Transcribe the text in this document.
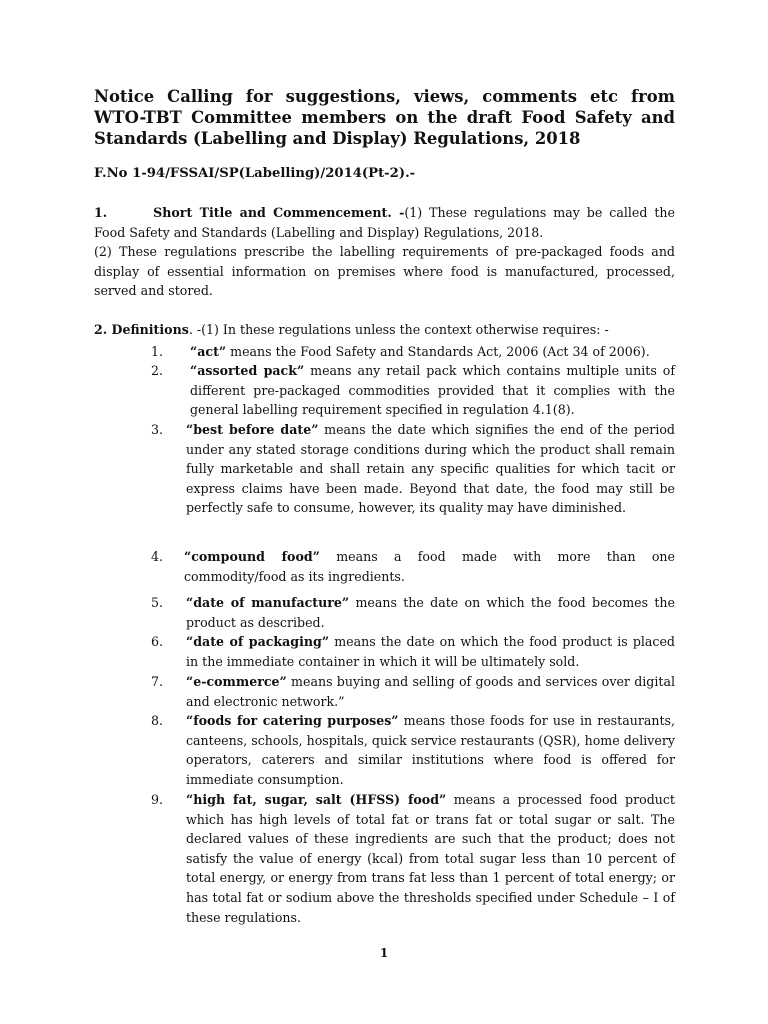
Notice Calling for suggestions, views, comments etc from WTO-TBT Committee members on the draft Food Safety and Standards (Labelling and Display) Regulations, 2018
F.No 1-94/FSSAI/SP(Labelling)/2014(Pt-2).-

1.	Short Title and Commencement. -(1) These regulations may be called the Food Safety and Standards (Labelling and Display) Regulations, 2018.

(2) These regulations prescribe the labelling requirements of pre-packaged foods and display of essential information on premises where food is manufactured, processed, served and stored.

2. Definitions. -(1) In these regulations unless the context otherwise requires: -
1. “act” means the Food Safety and Standards Act, 2006 (Act 34 of 2006).
2. “assorted pack” means any retail pack which contains multiple units of different pre-packaged commodities provided that it complies with the general labelling requirement specified in regulation 4.1(8).
3. “best before date” means the date which signifies the end of the period under any stated storage conditions during which the product shall remain fully marketable and shall retain any specific qualities for which tacit or express claims have been made. Beyond that date, the food may still be perfectly safe to consume, however, its quality may have diminished.
4. “compound food” means a food made with more than one
commodity/food as its ingredients.
5. “date of manufacture” means the date on which the food becomes the product as described.
6. “date of packaging” means the date on which the food product is placed in the immediate container in which it will be ultimately sold.
7. “e-commerce” means buying and selling of goods and services over digital and electronic network.”
8. “foods for catering purposes” means those foods for use in restaurants, canteens, schools, hospitals, quick service restaurants (QSR), home delivery operators, caterers and similar institutions where food is offered for immediate consumption.
9. “high fat, sugar, salt (HFSS) food” means a processed food product which has high levels of total fat or trans fat or total sugar or salt. The declared values of these ingredients are such that the product; does not satisfy the value of energy (kcal) from total sugar less than 10 percent of total energy, or energy from trans fat less than 1 percent of total energy; or has total fat or sodium above the thresholds specified under Schedule – I of these regulations.
1
